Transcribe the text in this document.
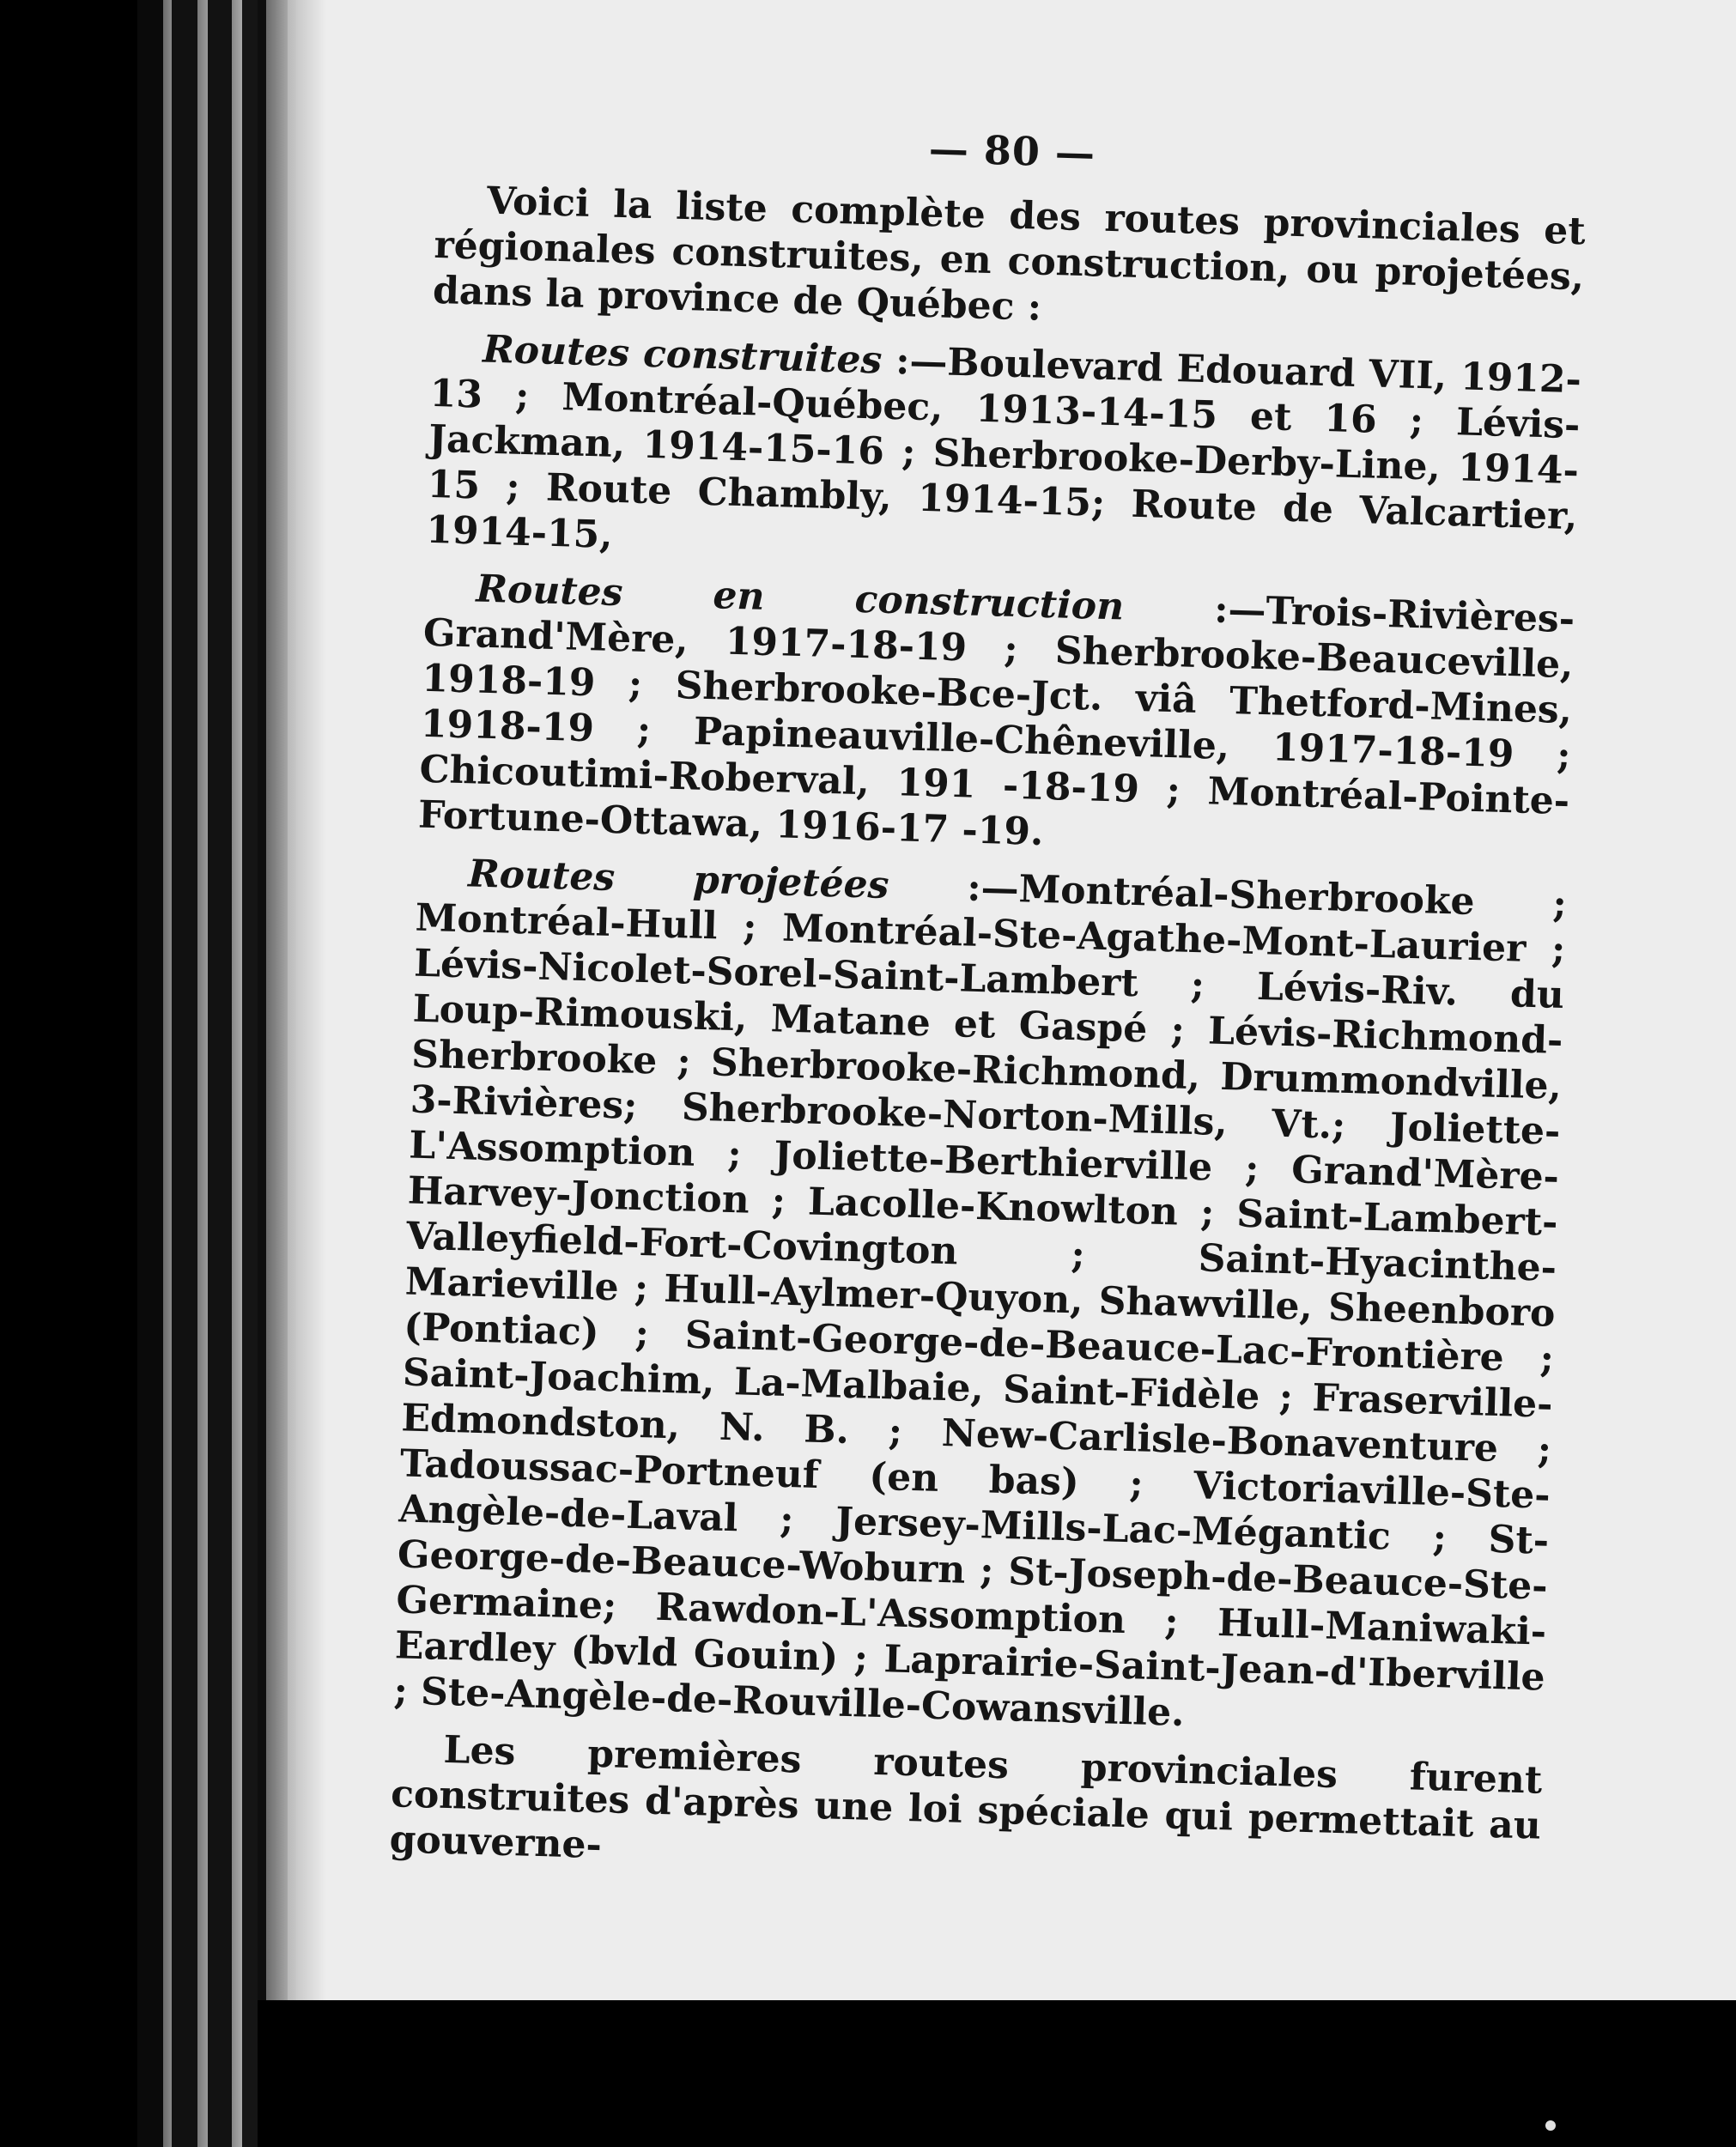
— 80 —

Voici la liste complète des routes provinciales et régionales construites, en construction, ou projetées, dans la province de Québec :

Routes construites :—Boulevard Edouard VII, 1912-13 ; Montréal-Québec, 1913-14-15 et 16 ; Lévis-Jackman, 1914-15-16 ; Sherbrooke-Derby-Line, 1914-15 ; Route Chambly, 1914-15; Route de Valcartier, 1914-15,

Routes en construction :—Trois-Rivières-Grand'Mère, 1917-18-19 ; Sherbrooke-Beauceville, 1918-19 ; Sherbrooke-Bce-Jct. viâ Thetford-Mines, 1918-19 ; Papineauville-Chêneville, 1917-18-19 ; Chicoutimi-Roberval, 191 -18-19 ; Montréal-Pointe-Fortune-Ottawa, 1916-17 -19.

Routes projetées :—Montréal-Sherbrooke ; Montréal-Hull ; Montréal-Ste-Agathe-Mont-Laurier ; Lévis-Nicolet-Sorel-Saint-Lambert ; Lévis-Riv. du Loup-Rimouski, Matane et Gaspé ; Lévis-Richmond-Sherbrooke ; Sherbrooke-Richmond, Drummondville, 3-Rivières; Sherbrooke-Norton-Mills, Vt.; Joliette-L'Assomption ; Joliette-Berthierville ; Grand'Mère-Harvey-Jonction ; Lacolle-Knowlton ; Saint-Lambert-Valleyfield-Fort-Covington ; Saint-Hyacinthe-Marieville ; Hull-Aylmer-Quyon, Shawville, Sheenboro (Pontiac) ; Saint-George-de-Beauce-Lac-Frontière ; Saint-Joachim, La-Malbaie, Saint-Fidèle ; Fraserville-Edmondston, N. B. ; New-Carlisle-Bonaventure ; Tadoussac-Portneuf (en bas) ; Victoriaville-Ste-Angèle-de-Laval ; Jersey-Mills-Lac-Mégantic ; St-George-de-Beauce-Woburn ; St-Joseph-de-Beauce-Ste-Germaine; Rawdon-L'Assomption ; Hull-Maniwaki-Eardley (bvld Gouin) ; Laprairie-Saint-Jean-d'Iberville ; Ste-Angèle-de-Rouville-Cowansville.

Les premières routes provinciales furent construites d'après une loi spéciale qui permettait au gouverne-
